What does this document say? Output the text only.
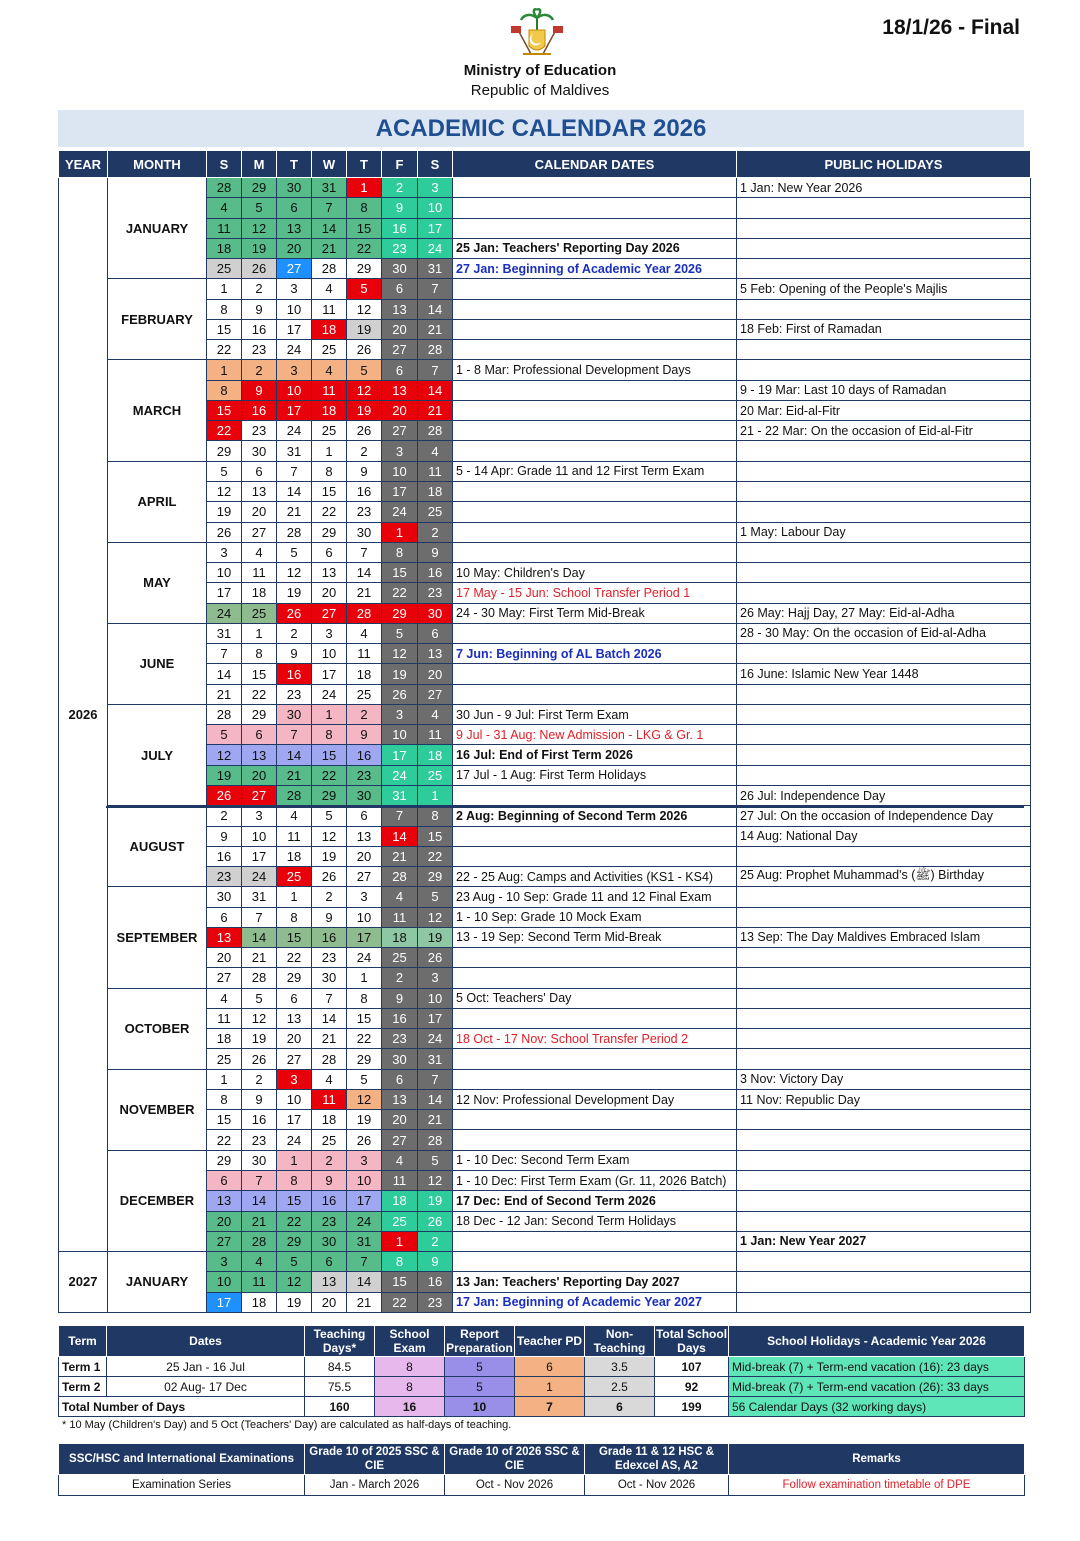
Ministry of Education
Republic of Maldives
18/1/26 - Final
ACADEMIC CALENDAR 2026
YEAR	MONTH	S	M	T	W	T	F	S	CALENDAR DATES	PUBLIC HOLIDAYS
2026	JANUARY	28	29	30	31	1	2	3		1 Jan: New Year 2026
		4	5	6	7	8	9	10		
		11	12	13	14	15	16	17		
		18	19	20	21	22	23	24	25 Jan: Teachers' Reporting Day 2026	
		25	26	27	28	29	30	31	27 Jan: Beginning of Academic Year 2026	
	FEBRUARY	1	2	3	4	5	6	7		5 Feb: Opening of the People's Majlis
		8	9	10	11	12	13	14		
		15	16	17	18	19	20	21		18 Feb: First of Ramadan
		22	23	24	25	26	27	28		
	MARCH	1	2	3	4	5	6	7	1 - 8 Mar: Professional Development Days	
		8	9	10	11	12	13	14		9 - 19 Mar: Last 10 days of Ramadan
		15	16	17	18	19	20	21		20 Mar: Eid-al-Fitr
		22	23	24	25	26	27	28		21 - 22 Mar: On the occasion of Eid-al-Fitr
		29	30	31	1	2	3	4		
	APRIL	5	6	7	8	9	10	11	5 - 14 Apr: Grade 11 and 12 First Term Exam	
		12	13	14	15	16	17	18		
		19	20	21	22	23	24	25		
		26	27	28	29	30	1	2		1 May: Labour Day
	MAY	3	4	5	6	7	8	9		
		10	11	12	13	14	15	16	10 May: Children's Day	
		17	18	19	20	21	22	23	17 May - 15 Jun: School Transfer Period 1	
		24	25	26	27	28	29	30	24 - 30 May: First Term Mid-Break	26 May: Hajj Day, 27 May: Eid-al-Adha
	JUNE	31	1	2	3	4	5	6		28 - 30 May: On the occasion of Eid-al-Adha
		7	8	9	10	11	12	13	7 Jun: Beginning of AL Batch 2026	
		14	15	16	17	18	19	20		16 June: Islamic New Year 1448
		21	22	23	24	25	26	27		
	JULY	28	29	30	1	2	3	4	30 Jun - 9 Jul: First Term Exam	
		5	6	7	8	9	10	11	9 Jul - 31 Aug: New Admission - LKG & Gr. 1	
		12	13	14	15	16	17	18	16 Jul: End of First Term 2026	
		19	20	21	22	23	24	25	17 Jul - 1 Aug: First Term Holidays	
		26	27	28	29	30	31	1		26 Jul: Independence Day
	AUGUST	2	3	4	5	6	7	8	2 Aug: Beginning of Second Term 2026	27 Jul: On the occasion of Independence Day
		9	10	11	12	13	14	15		14 Aug: National Day
		16	17	18	19	20	21	22		
		23	24	25	26	27	28	29	22 - 25 Aug: Camps and Activities (KS1 - KS4)	25 Aug: Prophet Muhammad's (ﷺ) Birthday
	SEPTEMBER	30	31	1	2	3	4	5	23 Aug - 10 Sep: Grade 11 and 12 Final Exam	
		6	7	8	9	10	11	12	1 - 10 Sep: Grade 10 Mock Exam	
		13	14	15	16	17	18	19	13 - 19 Sep: Second Term Mid-Break	13 Sep: The Day Maldives Embraced Islam
		20	21	22	23	24	25	26		
		27	28	29	30	1	2	3		
	OCTOBER	4	5	6	7	8	9	10	5 Oct: Teachers' Day	
		11	12	13	14	15	16	17		
		18	19	20	21	22	23	24	18 Oct - 17 Nov: School Transfer Period 2	
		25	26	27	28	29	30	31		
	NOVEMBER	1	2	3	4	5	6	7		3 Nov: Victory Day
		8	9	10	11	12	13	14	12 Nov: Professional Development Day	11 Nov: Republic Day
		15	16	17	18	19	20	21		
		22	23	24	25	26	27	28		
	DECEMBER	29	30	1	2	3	4	5	1 - 10 Dec: Second Term Exam	
		6	7	8	9	10	11	12	1 - 10 Dec: First Term Exam (Gr. 11, 2026 Batch)	
		13	14	15	16	17	18	19	17 Dec: End of Second Term 2026	
		20	21	22	23	24	25	26	18 Dec - 12 Jan: Second Term Holidays	
		27	28	29	30	31	1	2		1 Jan: New Year 2027
2027	JANUARY	3	4	5	6	7	8	9		
		10	11	12	13	14	15	16	13 Jan: Teachers' Reporting Day 2027	
		17	18	19	20	21	22	23	17 Jan: Beginning of Academic Year 2027	
Term	Dates	Teaching Days*	School Exam	Report Preparation	Teacher PD	Non-Teaching	Total School Days	School Holidays - Academic Year 2026
Term 1	25 Jan - 16 Jul	84.5	8	5	6	3.5	107	Mid-break (7) + Term-end vacation (16): 23 days
Term 2	02 Aug- 17 Dec	75.5	8	5	1	2.5	92	Mid-break (7) + Term-end vacation (26): 33 days
Total Number of Days		160	16	10	7	6	199	56 Calendar Days (32 working days)
* 10 May (Children's Day) and 5 Oct (Teachers' Day) are calculated as half-days of teaching.
SSC/HSC and International Examinations	Grade 10 of 2025 SSC & CIE	Grade 10 of 2026 SSC & CIE	Grade 11 & 12 HSC & Edexcel AS, A2	Remarks
Examination Series	Jan - March 2026	Oct - Nov 2026	Oct - Nov 2026	Follow examination timetable of DPE
